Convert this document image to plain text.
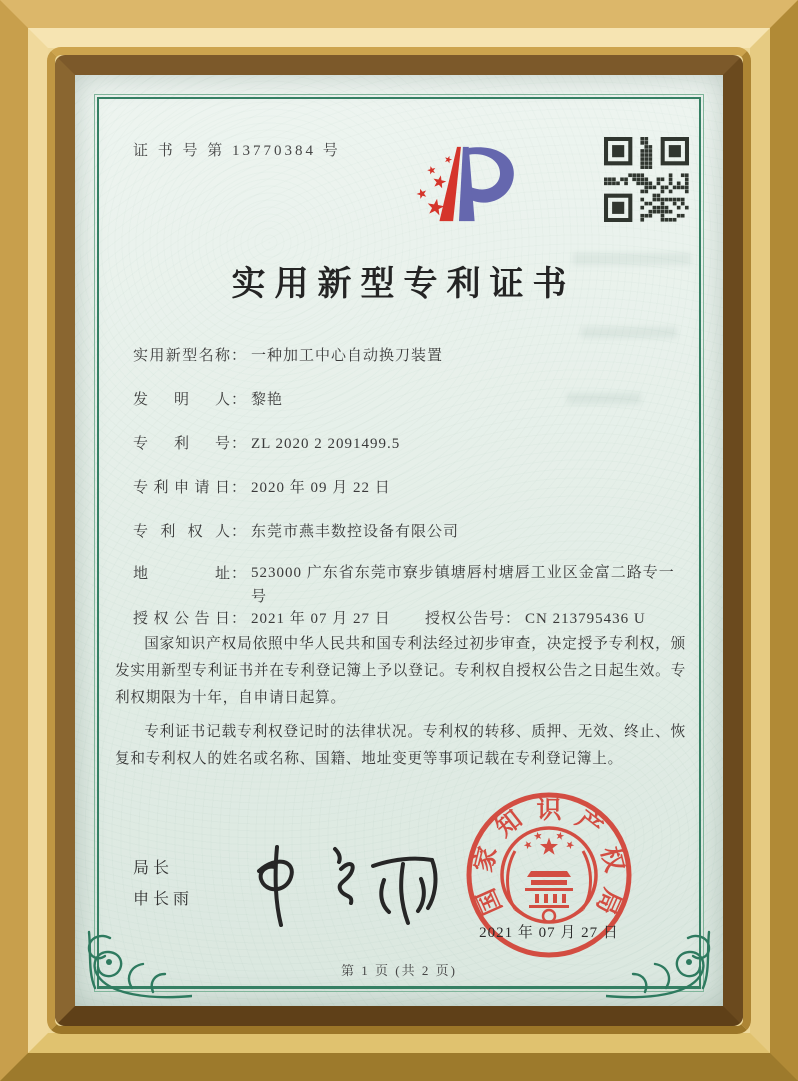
证 书 号 第 13770384 号
实用新型专利证书
实用新型名称 ： 一种加工中心自动换刀装置
发明人 ： 黎艳
专利号 ： ZL 2020 2 2091499.5
专利申请日 ： 2020 年 09 月 22 日
专利权人 ： 东莞市燕丰数控设备有限公司
地址 ： 523000 广东省东莞市寮步镇塘唇村塘唇工业区金富二路专一号
授权公告日 ： 2021 年 07 月 27 日 授权公告号 ： CN 213795436 U

国家知识产权局依照中华人民共和国专利法经过初步审查，决定授予专利权，颁发实用新型专利证书并在专利登记簿上予以登记。专利权自授权公告之日起生效。专利权期限为十年，自申请日起算。

专利证书记载专利权登记时的法律状况。专利权的转移、质押、无效、终止、恢复和专利权人的姓名或名称、国籍、地址变更等事项记载在专利登记簿上。

局长
申长雨	国
家
知 识 产
权
局
2021 年 07 月 27 日
第 1 页 (共 2 页)
